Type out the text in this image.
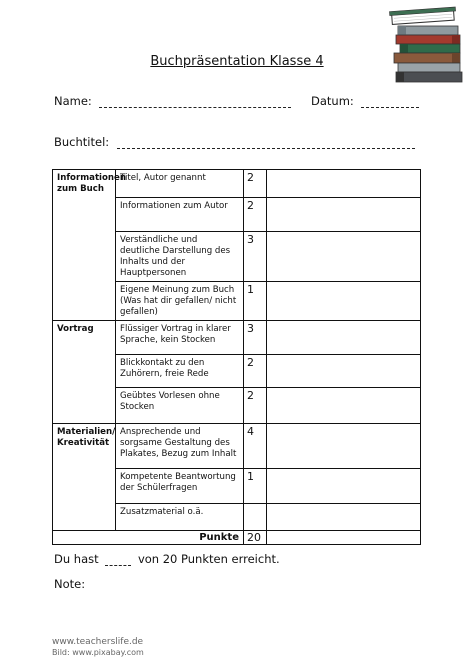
Buchpräsentation Klasse 4
Name:	Datum:
Buchtitel:
Informationen zum Buch	Titel, Autor genannt	2	
	Informationen zum Autor	2	
	Verständliche und deutliche Darstellung des Inhalts und der Hauptpersonen	3	
	Eigene Meinung zum Buch (Was hat dir gefallen/ nicht gefallen)	1	
Vortrag	Flüssiger Vortrag in klarer Sprache, kein Stocken	3	
	Blickkontakt zu den Zuhörern, freie Rede	2	
	Geübtes Vorlesen ohne Stocken	2	
Materialien/ Kreativität	Ansprechende und sorgsame Gestaltung des Plakates, Bezug zum Inhalt	4	
	Kompetente Beantwortung der Schülerfragen	1	
	Zusatzmaterial o.ä.		
Punkte		20	
Du hast	von 20 Punkten erreicht.
Note:
www.teacherslife.de
Bild: www.pixabay.com
